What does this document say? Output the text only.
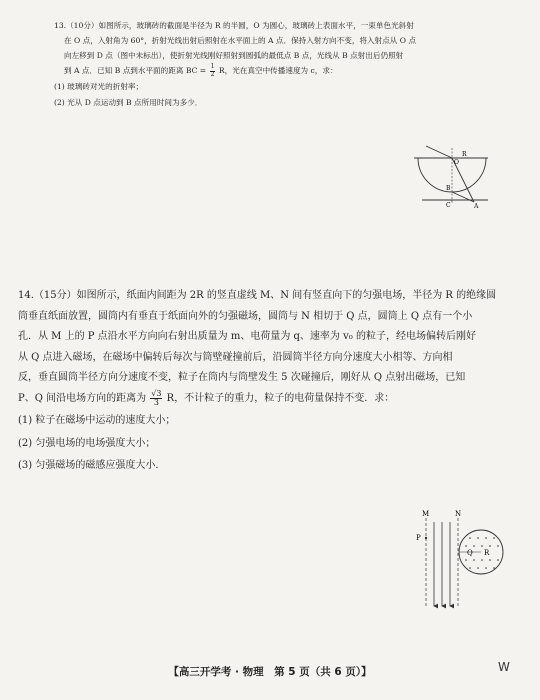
13.（10分）如图所示，玻璃砖的截面是半径为 R 的半圆，O 为圆心，玻璃砖上表面水平，一束单色光斜射

在 O 点，入射角为 60°，折射光线出射后照射在水平面上的 A 点．保持入射方向不变，将入射点从 O 点

向左移到 D 点（图中未标出），使折射光线刚好照射到圆弧的最低点 B 点，光线从 B 点射出后仍照射

到 A 点．已知 B 点到水平面的距离 BC = $\frac{1}{2}$ R，光在真空中传播速度为 c，求：

(1) 玻璃砖对光的折射率；

(2) 光从 D 点运动到 B 点所用时间为多少．

O
R
B
C	A

14.（15分）如图所示，纸面内间距为 2R 的竖直虚线 M、N 间有竖直向下的匀强电场，半径为 R 的绝缘圆

筒垂直纸面放置，圆筒内有垂直于纸面向外的匀强磁场，圆筒与 N 相切于 Q 点，圆筒上 Q 点有一个小

孔．从 M 上的 P 点沿水平方向向右射出质量为 m、电荷量为 q、速率为 v₀ 的粒子，经电场偏转后刚好

从 Q 点进入磁场，在磁场中偏转后每次与筒壁碰撞前后，沿圆筒半径方向分速度大小相等、方向相

反，垂直圆筒半径方向分速度不变，粒子在筒内与筒壁发生 5 次碰撞后，刚好从 Q 点射出磁场，已知

P、Q 间沿电场方向的距离为 $\frac{√3}{3}$ R，不计粒子的重力，粒子的电荷量保持不变．求：

(1) 粒子在磁场中运动的速度大小；

(2) 匀强电场的电场强度大小；

(3) 匀强磁场的磁感应强度大小．

M	N
P
Q R
【高三开学考 · 物理　第 5 页（共 6 页）】	W
